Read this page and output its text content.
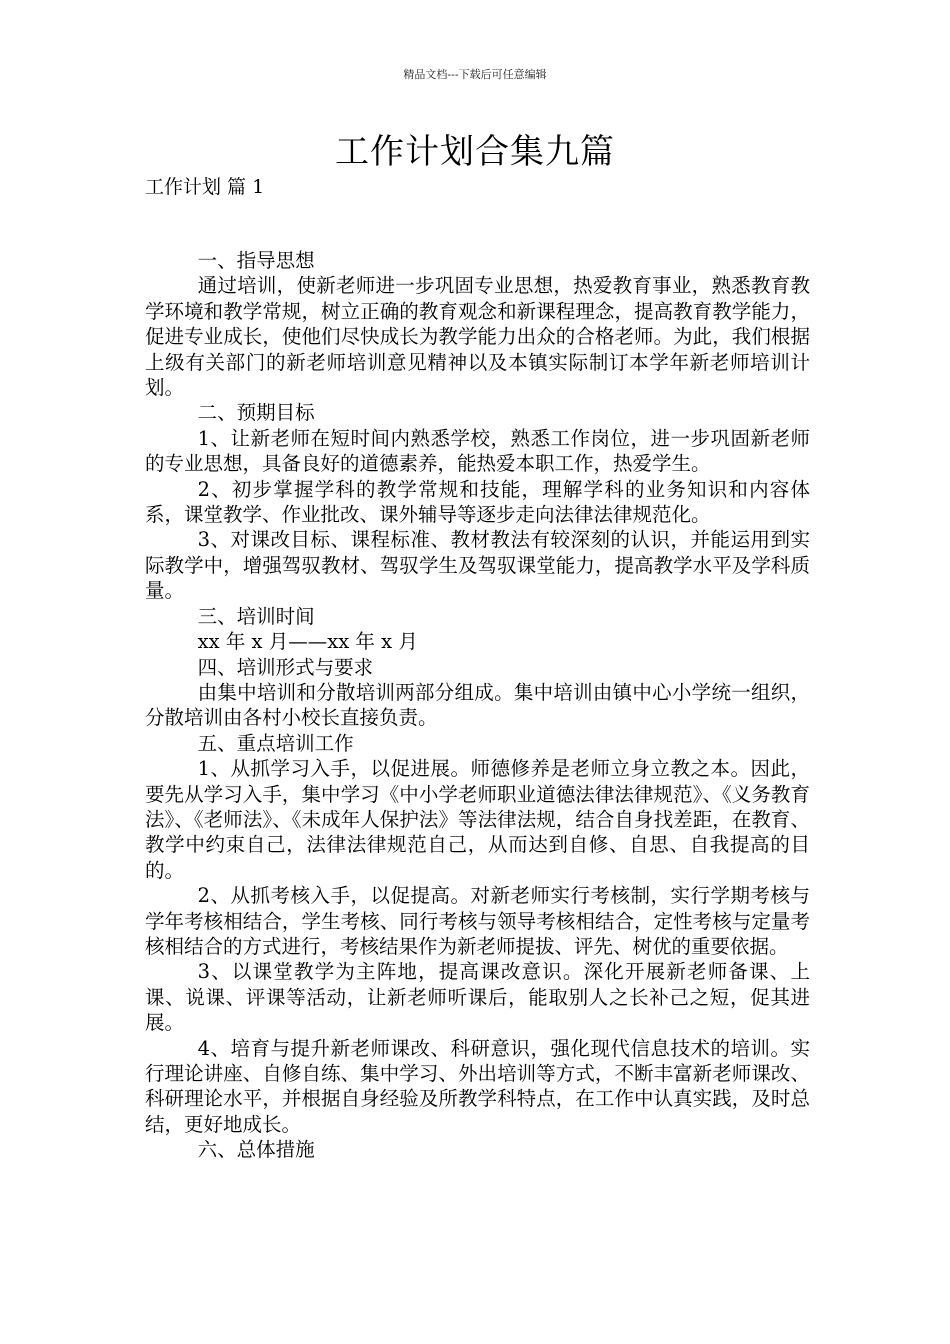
精品文档---下载后可任意编辑
工作计划合集九篇
工作计划 篇 1

一、指导思想

通过培训，使新老师进一步巩固专业思想，热爱教育事业，熟悉教育教学环境和教学常规，树立正确的教育观念和新课程理念，提高教育教学能力，促进专业成长，使他们尽快成长为教学能力出众的合格老师。为此，我们根据上级有关部门的新老师培训意见精神以及本镇实际制订本学年新老师培训计划。

二、预期目标

1、让新老师在短时间内熟悉学校，熟悉工作岗位，进一步巩固新老师的专业思想，具备良好的道德素养，能热爱本职工作，热爱学生。

2、初步掌握学科的教学常规和技能，理解学科的业务知识和内容体系，课堂教学、作业批改、课外辅导等逐步走向法律法律规范化。

3、对课改目标、课程标准、教材教法有较深刻的认识，并能运用到实际教学中，增强驾驭教材、驾驭学生及驾驭课堂能力，提高教学水平及学科质量。

三、培训时间

xx 年 x 月——xx 年 x 月

四、培训形式与要求

由集中培训和分散培训两部分组成。集中培训由镇中心小学统一组织，分散培训由各村小校长直接负责。

五、重点培训工作

1、从抓学习入手，以促进展。师德修养是老师立身立教之本。因此，要先从学习入手，集中学习《中小学老师职业道德法律法律规范》、《义务教育法》、《老师法》、《未成年人保护法》等法律法规，结合自身找差距，在教育、教学中约束自己，法律法律规范自己，从而达到自修、自思、自我提高的目的。

2、从抓考核入手，以促提高。对新老师实行考核制，实行学期考核与学年考核相结合，学生考核、同行考核与领导考核相结合，定性考核与定量考核相结合的方式进行，考核结果作为新老师提拔、评先、树优的重要依据。

3、以课堂教学为主阵地，提高课改意识。深化开展新老师备课、上课、说课、评课等活动，让新老师听课后，能取别人之长补己之短，促其进展。

4、培育与提升新老师课改、科研意识，强化现代信息技术的培训。实行理论讲座、自修自练、集中学习、外出培训等方式，不断丰富新老师课改、科研理论水平，并根据自身经验及所教学科特点，在工作中认真实践，及时总结，更好地成长。

六、总体措施
